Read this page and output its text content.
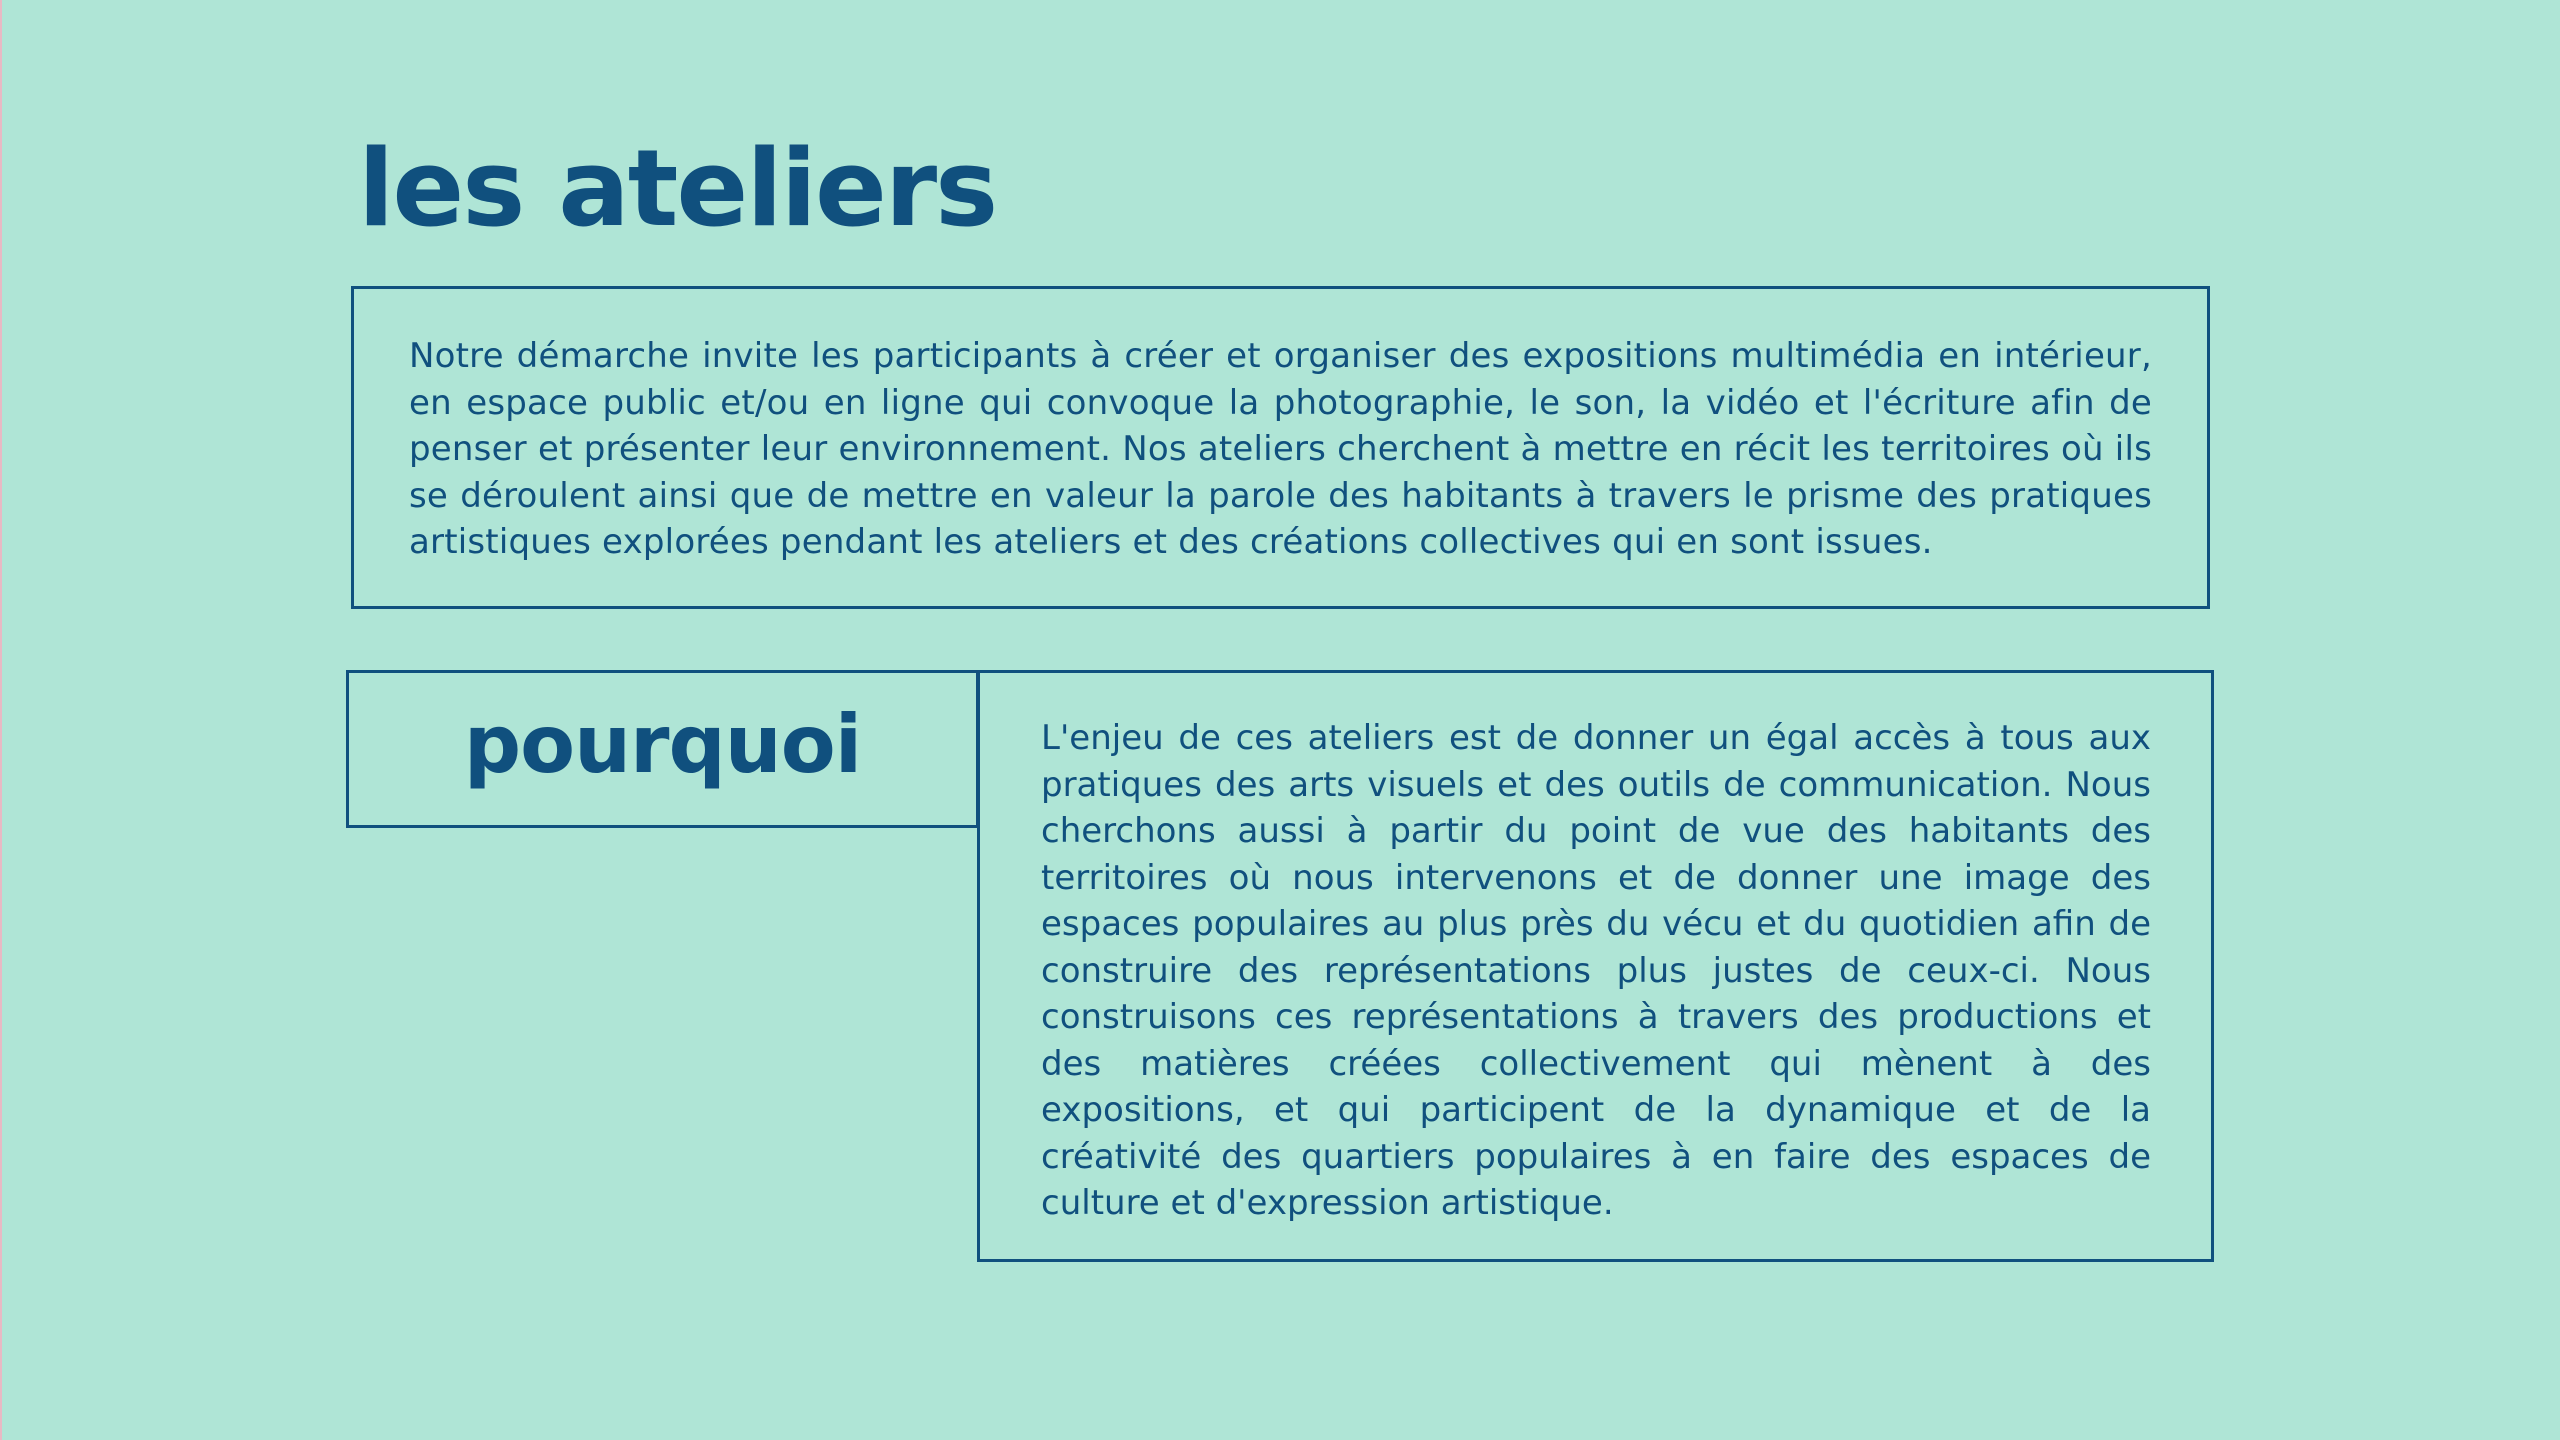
les ateliers

Notre démarche invite les participants à créer et organiser des expositions multimédia en intérieur, en espace public et/ou en ligne qui convoque la photographie, le son, la vidéo et l'écriture afin de penser et présenter leur environnement. Nos ateliers cherchent à mettre en récit les territoires où ils se déroulent ainsi que de mettre en valeur la parole des habitants à travers le prisme des pratiques artistiques explorées pendant les ateliers et des créations collectives qui en sont issues.

pourquoi	L'enjeu de ces ateliers est de donner un égal accès à tous aux pratiques des arts visuels et des outils de communication. Nous cherchons aussi à partir du point de vue des habitants des territoires où nous intervenons et de donner une image des espaces populaires au plus près du vécu et du quotidien afin de construire des représentations plus justes de ceux-ci. Nous construisons ces représentations à travers des productions et des matières créées collectivement qui mènent à des expositions, et qui participent de la dynamique et de la créativité des quartiers populaires à en faire des espaces de culture et d'expression artistique.
